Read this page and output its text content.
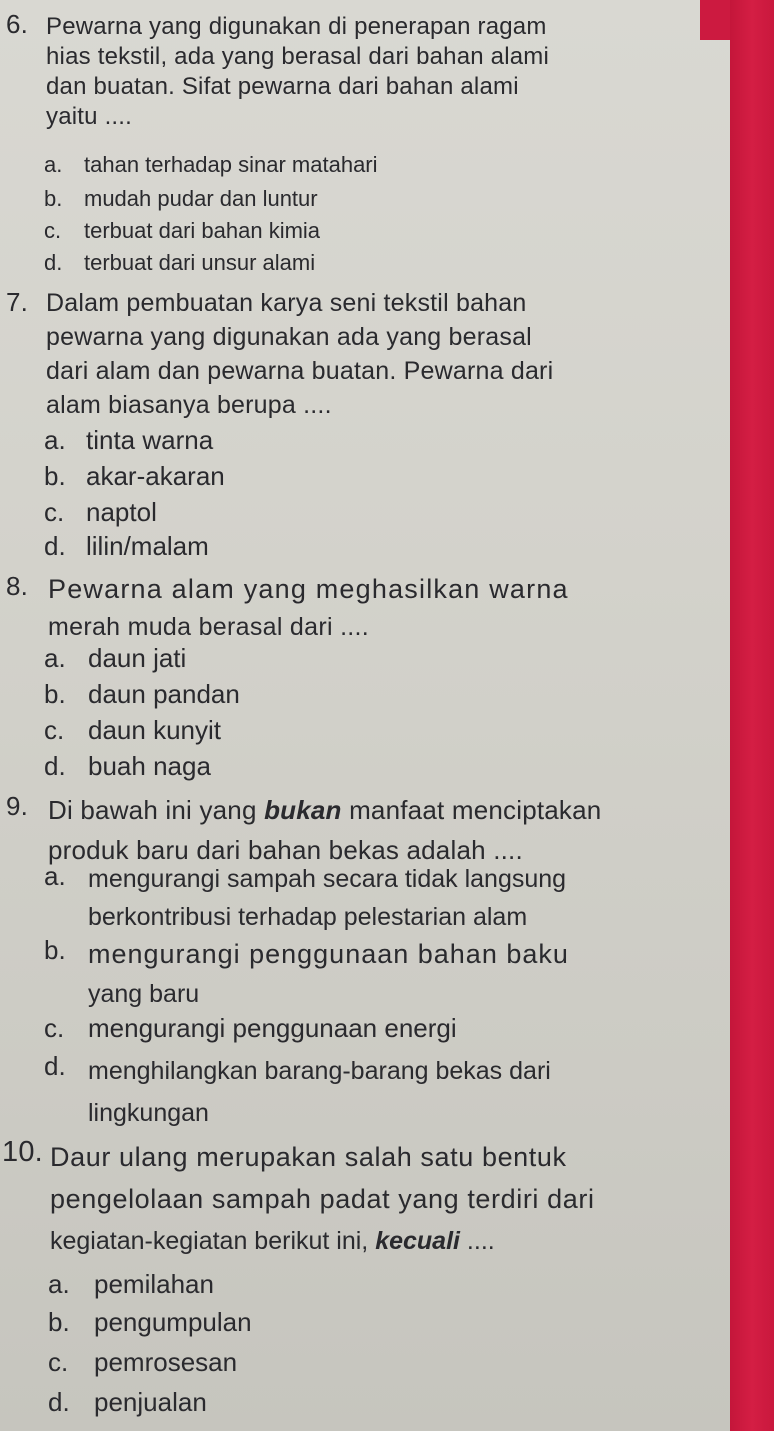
6. Pewarna yang digunakan di penerapan ragam
hias tekstil, ada yang berasal dari bahan alami
dan buatan. Sifat pewarna dari bahan alami
yaitu ....
a. tahan terhadap sinar matahari
b. mudah pudar dan luntur
c. terbuat dari bahan kimia
d. terbuat dari unsur alami
7. Dalam pembuatan karya seni tekstil bahan
pewarna yang digunakan ada yang berasal
dari alam dan pewarna buatan. Pewarna dari
alam biasanya berupa ....
a. tinta warna
b. akar-akaran
c. naptol
d. lilin/malam
8. Pewarna alam yang meghasilkan warna
merah muda berasal dari ....
a. daun jati
b. daun pandan
c. daun kunyit
d. buah naga
9. Di bawah ini yang bukan manfaat menciptakan
produk baru dari bahan bekas adalah ....
a. mengurangi sampah secara tidak langsung
berkontribusi terhadap pelestarian alam
b. mengurangi penggunaan bahan baku
yang baru
c. mengurangi penggunaan energi
d. menghilangkan barang-barang bekas dari
lingkungan
10. Daur ulang merupakan salah satu bentuk
pengelolaan sampah padat yang terdiri dari
kegiatan-kegiatan berikut ini, kecuali ....
a. pemilahan
b. pengumpulan
c. pemrosesan
d. penjualan
